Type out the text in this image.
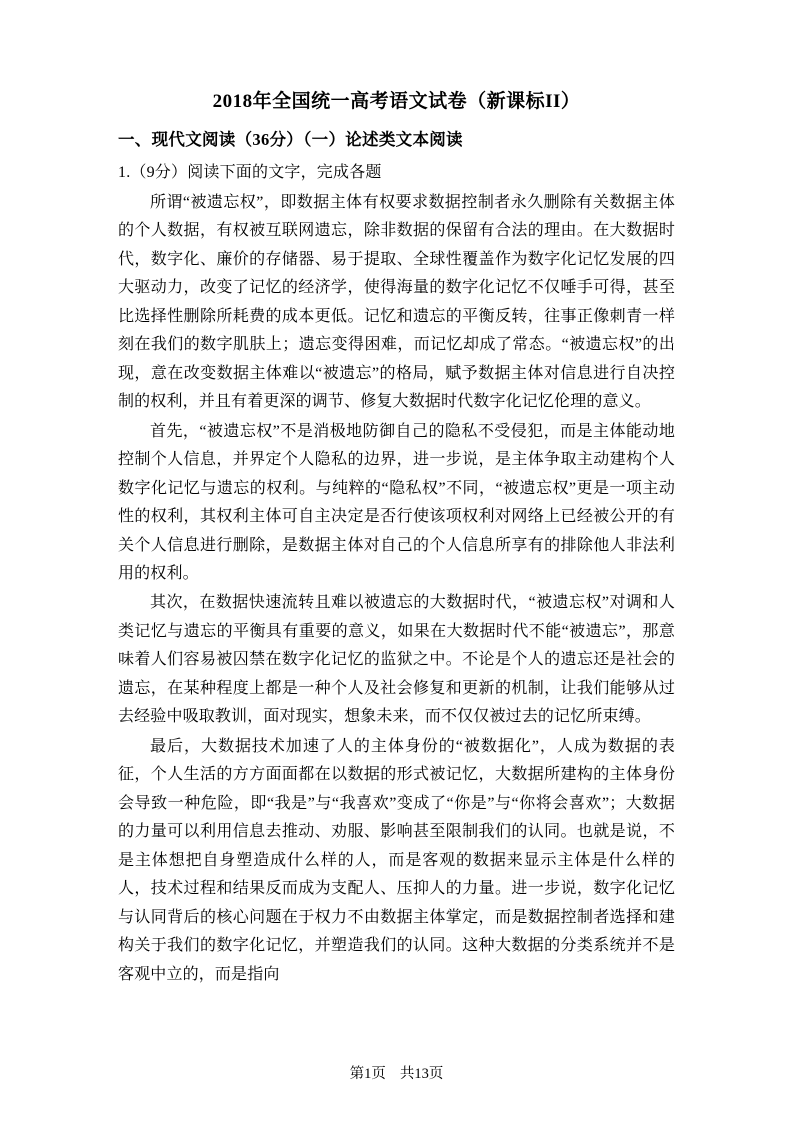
2018年全国统一高考语文试卷（新课标II）
一、现代文阅读（36分）（一）论述类文本阅读
1.（9分）阅读下面的文字，完成各题

所谓“被遗忘权”，即数据主体有权要求数据控制者永久删除有关数据主体的个人数据，有权被互联网遗忘，除非数据的保留有合法的理由。在大数据时代，数字化、廉价的存储器、易于提取、全球性覆盖作为数字化记忆发展的四大驱动力，改变了记忆的经济学，使得海量的数字化记忆不仅唾手可得，甚至比选择性删除所耗费的成本更低。记忆和遗忘的平衡反转，往事正像刺青一样刻在我们的数字肌肤上；遗忘变得困难，而记忆却成了常态。“被遗忘权”的出现，意在改变数据主体难以“被遗忘”的格局，赋予数据主体对信息进行自决控制的权利，并且有着更深的调节、修复大数据时代数字化记忆伦理的意义。

首先，“被遗忘权”不是消极地防御自己的隐私不受侵犯，而是主体能动地控制个人信息，并界定个人隐私的边界，进一步说，是主体争取主动建构个人数字化记忆与遗忘的权利。与纯粹的“隐私权”不同，“被遗忘权”更是一项主动性的权利，其权利主体可自主决定是否行使该项权利对网络上已经被公开的有关个人信息进行删除，是数据主体对自己的个人信息所享有的排除他人非法利用的权利。

其次，在数据快速流转且难以被遗忘的大数据时代，“被遗忘权”对调和人类记忆与遗忘的平衡具有重要的意义，如果在大数据时代不能“被遗忘”，那意味着人们容易被囚禁在数字化记忆的监狱之中。不论是个人的遗忘还是社会的遗忘，在某种程度上都是一种个人及社会修复和更新的机制，让我们能够从过去经验中吸取教训，面对现实，想象未来，而不仅仅被过去的记忆所束缚。

最后，大数据技术加速了人的主体身份的“被数据化”，人成为数据的表征，个人生活的方方面面都在以数据的形式被记忆，大数据所建构的主体身份会导致一种危险，即“我是”与“我喜欢”变成了“你是”与“你将会喜欢”；大数据的力量可以利用信息去推动、劝服、影响甚至限制我们的认同。也就是说，不是主体想把自身塑造成什么样的人，而是客观的数据来显示主体是什么样的人，技术过程和结果反而成为支配人、压抑人的力量。进一步说，数字化记忆与认同背后的核心问题在于权力不由数据主体掌定，而是数据控制者选择和建构关于我们的数字化记忆，并塑造我们的认同。这种大数据的分类系统并不是客观中立的，而是指向

第1页 共13页
